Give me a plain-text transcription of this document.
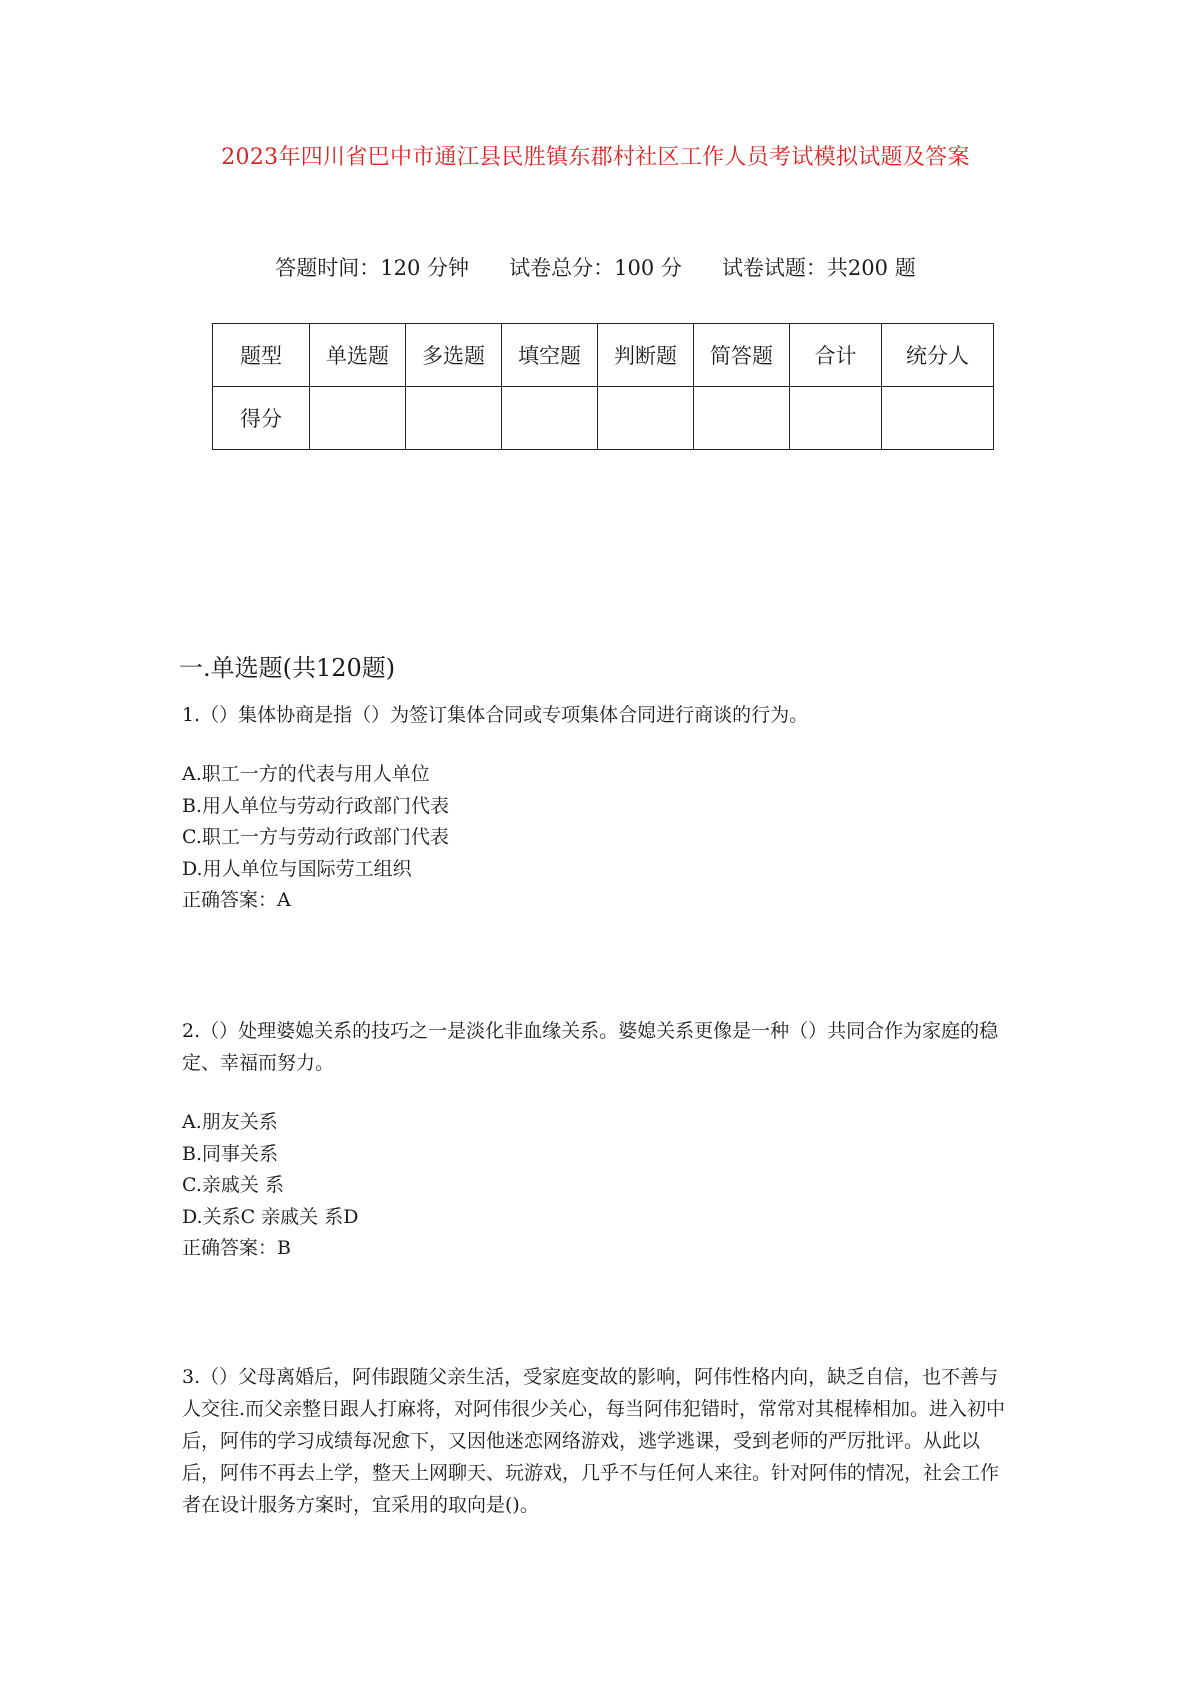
2023年四川省巴中市通江县民胜镇东郡村社区工作人员考试模拟试题及答案
答题时间：120 分钟 试卷总分：100 分 试卷试题：共200 题
题型	单选题	多选题	填空题	判断题	简答题	合计	统分人
得分							
一.单选题(共120题)

1.（）集体协商是指（）为签订集体合同或专项集体合同进行商谈的行为。

A.职工一方的代表与用人单位
B.用人单位与劳动行政部门代表
C.职工一方与劳动行政部门代表
D.用人单位与国际劳工组织
正确答案：A

2.（）处理婆媳关系的技巧之一是淡化非血缘关系。婆媳关系更像是一种（）共同合作为家庭的稳定、幸福而努力。

A.朋友关系
B.同事关系
C.亲戚关 系
D.关系C 亲戚关 系D
正确答案：B

3.（）父母离婚后，阿伟跟随父亲生活，受家庭变故的影响，阿伟性格内向，缺乏自信，也不善与人交往.而父亲整日跟人打麻将，对阿伟很少关心，每当阿伟犯错时，常常对其棍棒相加。进入初中后，阿伟的学习成绩每况愈下，又因他迷恋网络游戏，逃学逃课，受到老师的严厉批评。从此以后，阿伟不再去上学，整天上网聊天、玩游戏，几乎不与任何人来往。针对阿伟的情况，社会工作者在设计服务方案时，宜采用的取向是()。
